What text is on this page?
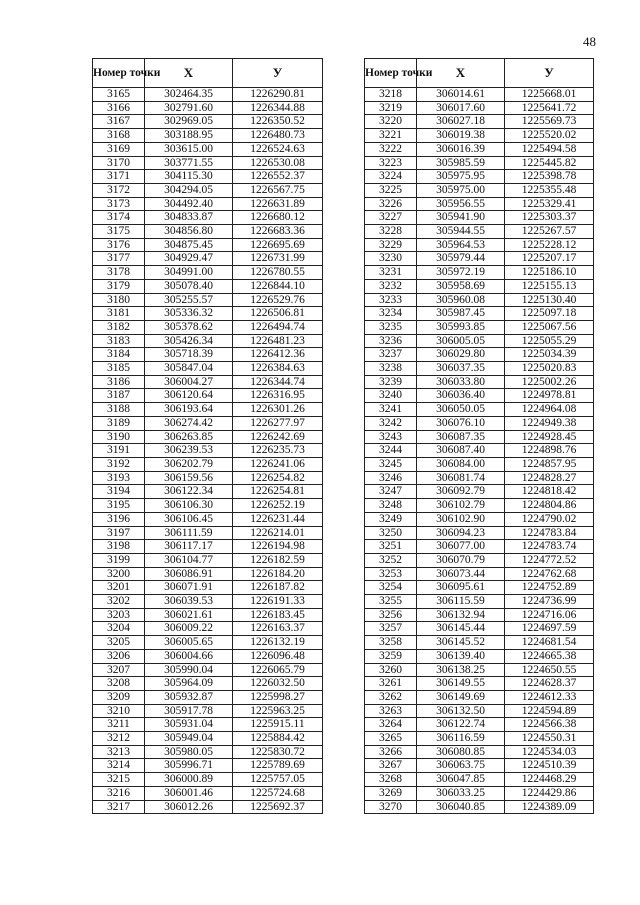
48
Номер точки	X	У
3165	302464.35	1226290.81
3166	302791.60	1226344.88
3167	302969.05	1226350.52
3168	303188.95	1226480.73
3169	303615.00	1226524.63
3170	303771.55	1226530.08
3171	304115.30	1226552.37
3172	304294.05	1226567.75
3173	304492.40	1226631.89
3174	304833.87	1226680.12
3175	304856.80	1226683.36
3176	304875.45	1226695.69
3177	304929.47	1226731.99
3178	304991.00	1226780.55
3179	305078.40	1226844.10
3180	305255.57	1226529.76
3181	305336.32	1226506.81
3182	305378.62	1226494.74
3183	305426.34	1226481.23
3184	305718.39	1226412.36
3185	305847.04	1226384.63
3186	306004.27	1226344.74
3187	306120.64	1226316.95
3188	306193.64	1226301.26
3189	306274.42	1226277.97
3190	306263.85	1226242.69
3191	306239.53	1226235.73
3192	306202.79	1226241.06
3193	306159.56	1226254.82
3194	306122.34	1226254.81
3195	306106.30	1226252.19
3196	306106.45	1226231.44
3197	306111.59	1226214.01
3198	306117.17	1226194.98
3199	306104.77	1226182.59
3200	306086.91	1226184.20
3201	306071.91	1226187.82
3202	306039.53	1226191.33
3203	306021.61	1226183.45
3204	306009.22	1226163.37
3205	306005.65	1226132.19
3206	306004.66	1226096.48
3207	305990.04	1226065.79
3208	305964.09	1226032.50
3209	305932.87	1225998.27
3210	305917.78	1225963.25
3211	305931.04	1225915.11
3212	305949.04	1225884.42
3213	305980.05	1225830.72
3214	305996.71	1225789.69
3215	306000.89	1225757.05
3216	306001.46	1225724.68
3217	306012.26	1225692.37
Номер точки	X	У
3218	306014.61	1225668.01
3219	306017.60	1225641.72
3220	306027.18	1225569.73
3221	306019.38	1225520.02
3222	306016.39	1225494.58
3223	305985.59	1225445.82
3224	305975.95	1225398.78
3225	305975.00	1225355.48
3226	305956.55	1225329.41
3227	305941.90	1225303.37
3228	305944.55	1225267.57
3229	305964.53	1225228.12
3230	305979.44	1225207.17
3231	305972.19	1225186.10
3232	305958.69	1225155.13
3233	305960.08	1225130.40
3234	305987.45	1225097.18
3235	305993.85	1225067.56
3236	306005.05	1225055.29
3237	306029.80	1225034.39
3238	306037.35	1225020.83
3239	306033.80	1225002.26
3240	306036.40	1224978.81
3241	306050.05	1224964.08
3242	306076.10	1224949.38
3243	306087.35	1224928.45
3244	306087.40	1224898.76
3245	306084.00	1224857.95
3246	306081.74	1224828.27
3247	306092.79	1224818.42
3248	306102.79	1224804.86
3249	306102.90	1224790.02
3250	306094.23	1224783.84
3251	306077.00	1224783.74
3252	306070.79	1224772.52
3253	306073.44	1224762.68
3254	306095.61	1224752.89
3255	306115.59	1224736.99
3256	306132.94	1224716.06
3257	306145.44	1224697.59
3258	306145.52	1224681.54
3259	306139.40	1224665.38
3260	306138.25	1224650.55
3261	306149.55	1224628.37
3262	306149.69	1224612.33
3263	306132.50	1224594.89
3264	306122.74	1224566.38
3265	306116.59	1224550.31
3266	306080.85	1224534.03
3267	306063.75	1224510.39
3268	306047.85	1224468.29
3269	306033.25	1224429.86
3270	306040.85	1224389.09
